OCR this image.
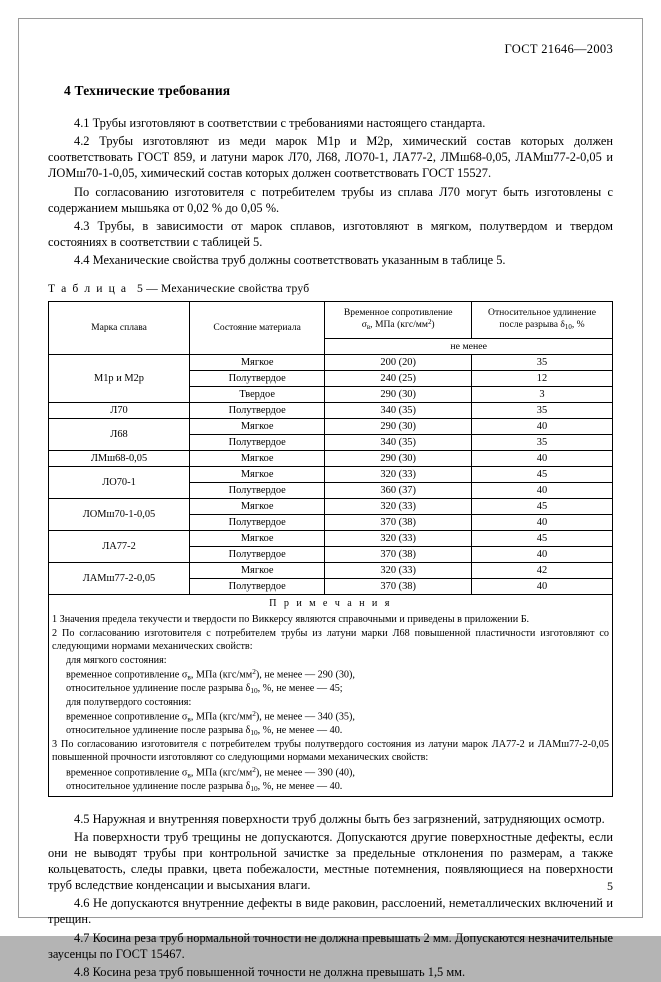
ГОСТ 21646—2003
4 Технические требования

4.1 Трубы изготовляют в соответствии с требованиями настоящего стандарта.

4.2 Трубы изготовляют из меди марок М1р и М2р, химический состав которых должен соответствовать ГОСТ 859, и латуни марок Л70, Л68, ЛО70-1, ЛА77-2, ЛМш68-0,05, ЛАМш77-2-0,05 и ЛОМш70-1-0,05, химический состав которых должен соответствовать ГОСТ 15527.

По согласованию изготовителя с потребителем трубы из сплава Л70 могут быть изготовлены с содержанием мышьяка от 0,02 % до 0,05 %.

4.3 Трубы, в зависимости от марок сплавов, изготовляют в мягком, полутвердом и твердом состояниях в соответствии с таблицей 5.

4.4 Механические свойства труб должны соответствовать указанным в таблице 5.

Т а б л и ц а 5 — Механические свойства труб
Марка сплава	Состояние материала	Временное сопротивление
$\sigma_в$, МПа $(кгс/мм^2)$	Относительное удлинение
после разрыва $\delta_{10}$, %
		не менее	
М1р и М2р	Мягкое	200 (20)	35
	Полутвердое	240 (25)	12
	Твердое	290 (30)	3
Л70	Полутвердое	340 (35)	35
Л68	Мягкое	290 (30)	40
	Полутвердое	340 (35)	35
ЛМш68-0,05	Мягкое	290 (30)	40
ЛО70-1	Мягкое	320 (33)	45
	Полутвердое	360 (37)	40
ЛОМш70-1-0,05	Мягкое	320 (33)	45
	Полутвердое	370 (38)	40
ЛА77-2	Мягкое	320 (33)	45
	Полутвердое	370 (38)	40
ЛАМш77-2-0,05	Мягкое	320 (33)	42
	Полутвердое	370 (38)	40

П р и м е ч а н и я

1 Значения предела текучести и твердости по Виккерсу являются справочными и приведены в приложении Б.

2 По согласованию изготовителя с потребителем трубы из латуни марки Л68 повышенной пластичности изготовляют со следующими нормами механических свойств:

для мягкого состояния:

временное сопротивление $\sigma_в$, МПа $(кгс/мм^2)$, не менее — 290 (30),

относительное удлинение после разрыва $\delta_{10}$, %, не менее — 45;

для полутвердого состояния:

временное сопротивление $\sigma_в$, МПа $(кгс/мм^2)$, не менее — 340 (35),

относительное удлинение после разрыва $\delta_{10}$, %, не менее — 40.

3 По согласованию изготовителя с потребителем трубы полутвердого состояния из латуни марок ЛА77-2 и ЛАМш77-2-0,05 повышенной прочности изготовляют со следующими нормами механических свойств:

временное сопротивление $\sigma_в$, МПа $(кгс/мм^2)$, не менее — 390 (40),

относительное удлинение после разрыва $\delta_{10}$, %, не менее — 40.

4.5 Наружная и внутренняя поверхности труб должны быть без загрязнений, затрудняющих осмотр.

На поверхности труб трещины не допускаются. Допускаются другие поверхностные дефекты, если они не выводят трубы при контрольной зачистке за предельные отклонения по размерам, а также кольцеватость, следы правки, цвета побежалости, местные потемнения, появляющиеся на поверхности труб вследствие конденсации и высыхания влаги.

4.6 Не допускаются внутренние дефекты в виде раковин, расслоений, неметаллических включений и трещин.

4.7 Косина реза труб нормальной точности не должна превышать 2 мм. Допускаются незначительные заусенцы по ГОСТ 15467.

4.8 Косина реза труб повышенной точности не должна превышать 1,5 мм.

5
